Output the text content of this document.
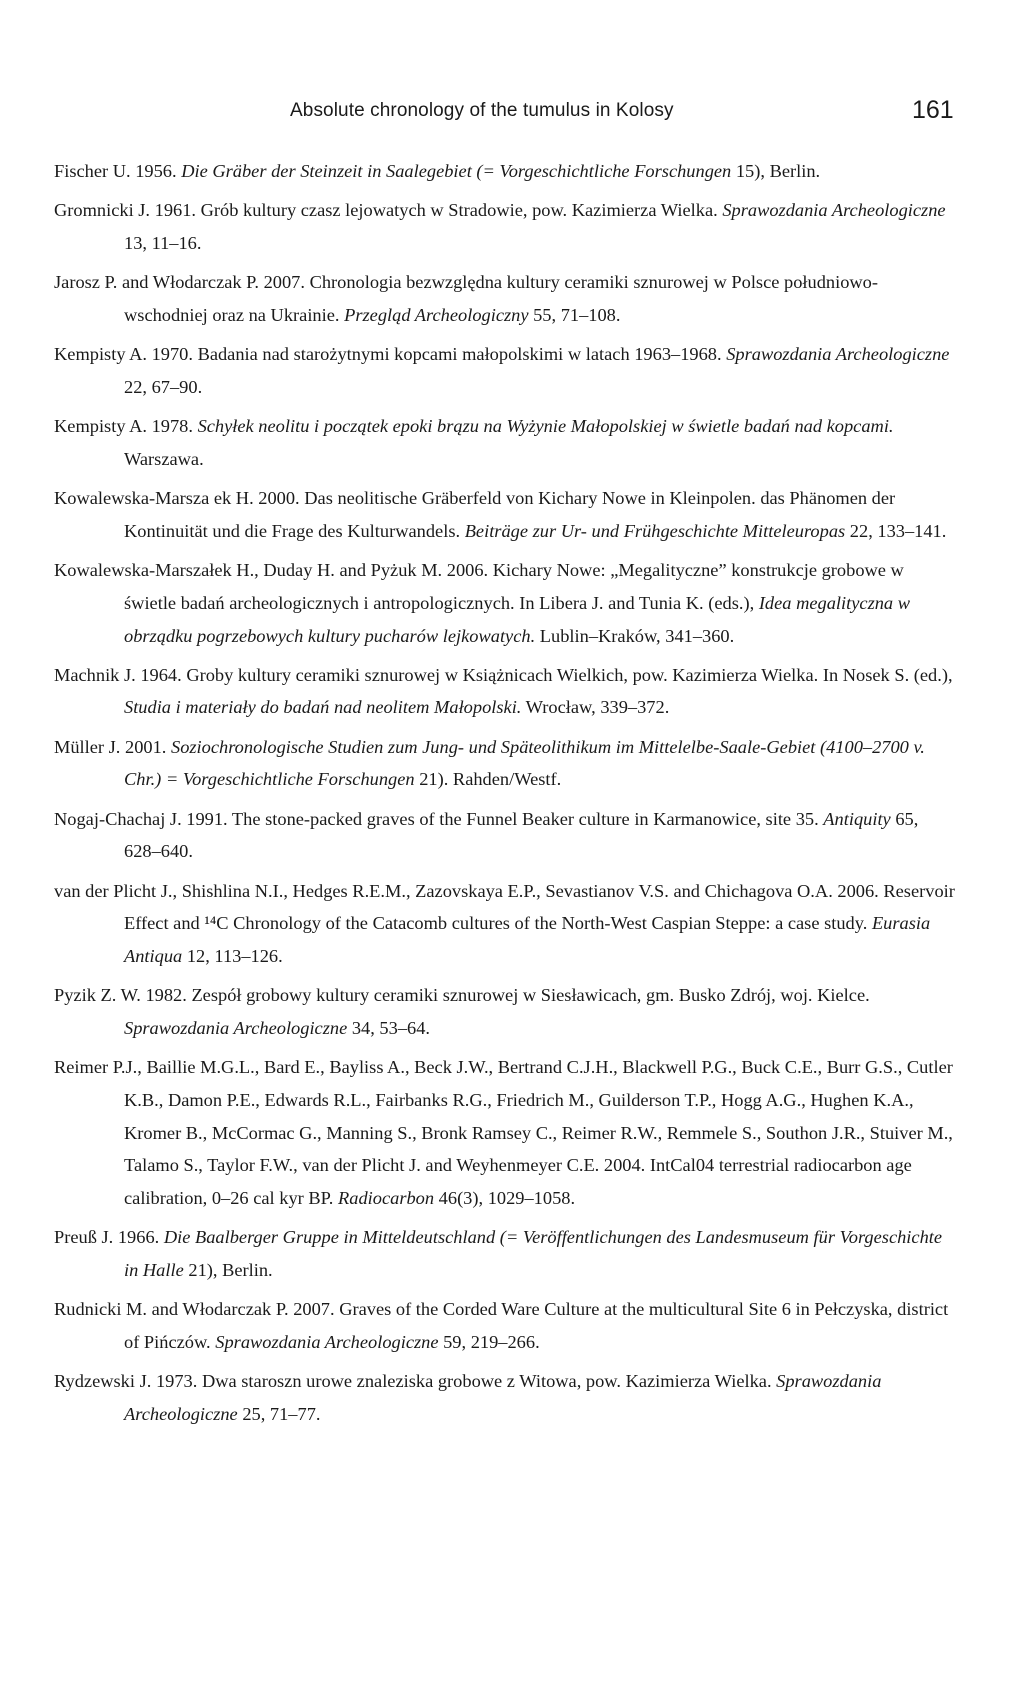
Absolute chronology of the tumulus in Kolosy	161

Fischer U. 1956. Die Gräber der Steinzeit in Saalegebiet (= Vorgeschichtliche Forschungen 15), Berlin.

Gromnicki J. 1961. Grób kultury czasz lejowatych w Stradowie, pow. Kazimierza Wielka. Sprawozdania Archeologiczne 13, 11–16.

Jarosz P. and Włodarczak P. 2007. Chronologia bezwzględna kultury ceramiki sznurowej w Polsce południowo-wschodniej oraz na Ukrainie. Przegląd Archeologiczny 55, 71–108.

Kempisty A. 1970. Badania nad starożytnymi kopcami małopolskimi w latach 1963–1968. Sprawozdania Archeologiczne 22, 67–90.

Kempisty A. 1978. Schyłek neolitu i początek epoki brązu na Wyżynie Małopolskiej w świetle badań nad kopcami. Warszawa.

Kowalewska-Marsza ek H. 2000. Das neolitische Gräberfeld von Kichary Nowe in Kleinpolen. das Phänomen der Kontinuität und die Frage des Kulturwandels. Beiträge zur Ur- und Frühgeschichte Mitteleuropas 22, 133–141.

Kowalewska-Marszałek H., Duday H. and Pyżuk M. 2006. Kichary Nowe: „Megalityczne” konstrukcje grobowe w świetle badań archeologicznych i antropologicznych. In Libera J. and Tunia K. (eds.), Idea megalityczna w obrządku pogrzebowych kultury pucharów lejkowatych. Lublin–Kraków, 341–360.

Machnik J. 1964. Groby kultury ceramiki sznurowej w Książnicach Wielkich, pow. Kazimierza Wielka. In Nosek S. (ed.), Studia i materiały do badań nad neolitem Małopolski. Wrocław, 339–372.

Müller J. 2001. Soziochronologische Studien zum Jung- und Späteolithikum im Mittelelbe-Saale-Gebiet (4100–2700 v. Chr.) = Vorgeschichtliche Forschungen 21). Rahden/Westf.

Nogaj-Chachaj J. 1991. The stone-packed graves of the Funnel Beaker culture in Karmanowice, site 35. Antiquity 65, 628–640.

van der Plicht J., Shishlina N.I., Hedges R.E.M., Zazovskaya E.P., Sevastianov V.S. and Chichagova O.A. 2006. Reservoir Effect and ¹⁴C Chronology of the Catacomb cultures of the North-West Caspian Steppe: a case study. Eurasia Antiqua 12, 113–126.

Pyzik Z. W. 1982. Zespół grobowy kultury ceramiki sznurowej w Siesławicach, gm. Busko Zdrój, woj. Kielce. Sprawozdania Archeologiczne 34, 53–64.

Reimer P.J., Baillie M.G.L., Bard E., Bayliss A., Beck J.W., Bertrand C.J.H., Blackwell P.G., Buck C.E., Burr G.S., Cutler K.B., Damon P.E., Edwards R.L., Fairbanks R.G., Friedrich M., Guilderson T.P., Hogg A.G., Hughen K.A., Kromer B., McCormac G., Manning S., Bronk Ramsey C., Reimer R.W., Remmele S., Southon J.R., Stuiver M., Talamo S., Taylor F.W., van der Plicht J. and Weyhenmeyer C.E. 2004. IntCal04 terrestrial radiocarbon age calibration, 0–26 cal kyr BP. Radiocarbon 46(3), 1029–1058.

Preuß J. 1966. Die Baalberger Gruppe in Mitteldeutschland (= Veröffentlichungen des Landesmuseum für Vorgeschichte in Halle 21), Berlin.

Rudnicki M. and Włodarczak P. 2007. Graves of the Corded Ware Culture at the multicultural Site 6 in Pełczyska, district of Pińczów. Sprawozdania Archeologiczne 59, 219–266.

Rydzewski J. 1973. Dwa staroszn urowe znaleziska grobowe z Witowa, pow. Kazimierza Wielka. Sprawozdania Archeologiczne 25, 71–77.
